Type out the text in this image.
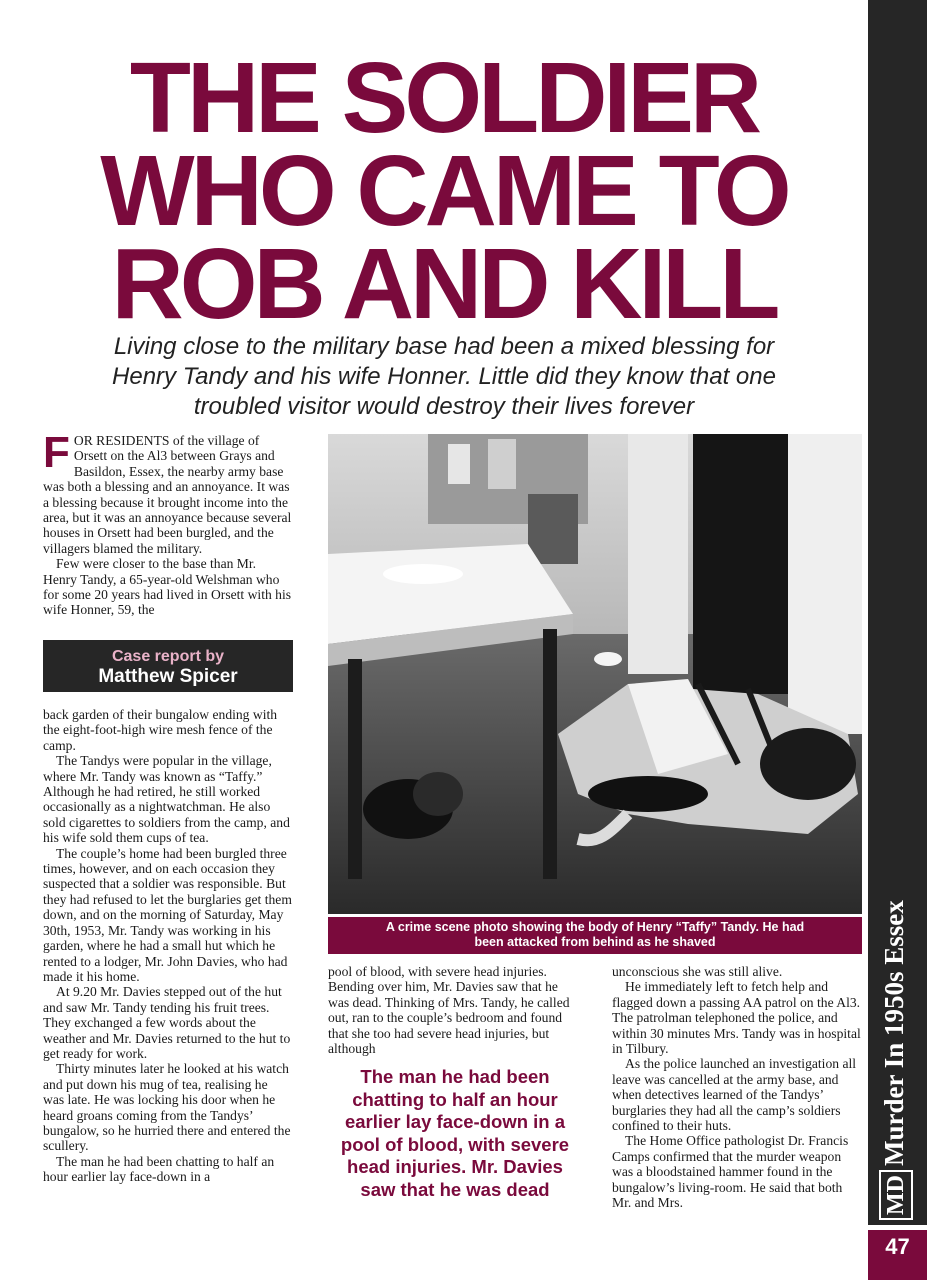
MDMurder In 1950s Essex
47
THE SOLDIER
WHO CAME TO
ROB AND KILL
Living close to the military base had been a mixed blessing for
Henry Tandy and his wife Honner. Little did they know that one
troubled visitor would destroy their lives forever

FOR RESIDENTS of the village of Orsett on the Al3 between Grays and Basildon, Essex, the nearby army base was both a blessing and an annoyance. It was a blessing because it brought income into the area, but it was an annoyance because several houses in Orsett had been burgled, and the villagers blamed the military.

Few were closer to the base than Mr. Henry Tandy, a 65-year-old Welshman who for some 20 years had lived in Orsett with his wife Honner, 59, the

Case report by
Matthew Spicer

back garden of their bungalow ending with the eight-foot-high wire mesh fence of the camp.

The Tandys were popular in the village, where Mr. Tandy was known as “Taffy.” Although he had retired, he still worked occasionally as a nightwatchman. He also sold cigarettes to soldiers from the camp, and his wife sold them cups of tea.

The couple’s home had been burgled three times, however, and on each occasion they suspected that a soldier was responsible. But they had refused to let the burglaries get them down, and on the morning of Saturday, May 30th, 1953, Mr. Tandy was working in his garden, where he had a small hut which he rented to a lodger, Mr. John Davies, who had made it his home.

At 9.20 Mr. Davies stepped out of the hut and saw Mr. Tandy tending his fruit trees. They exchanged a few words about the weather and Mr. Davies returned to the hut to get ready for work.

Thirty minutes later he looked at his watch and put down his mug of tea, realising he was late. He was locking his door when he heard groans coming from the Tandys’ bungalow, so he hurried there and entered the scullery.

The man he had been chatting to half an hour earlier lay face-down in a

A crime scene photo showing the body of Henry “Taffy” Tandy. He had
been attacked from behind as he shaved

pool of blood, with severe head injuries. Bending over him, Mr. Davies saw that he was dead. Thinking of Mrs. Tandy, he called out, ran to the couple’s bedroom and found that she too had severe head injuries, but although

The man he had been chatting to half an hour earlier lay face-down in a pool of blood, with severe head injuries. Mr. Davies saw that he was dead

unconscious she was still alive.

He immediately left to fetch help and flagged down a passing AA patrol on the Al3. The patrolman telephoned the police, and within 30 minutes Mrs. Tandy was in hospital in Tilbury.

As the police launched an investigation all leave was cancelled at the army base, and when detectives learned of the Tandys’ burglaries they had all the camp’s soldiers confined to their huts.

The Home Office pathologist Dr. Francis Camps confirmed that the murder weapon was a bloodstained hammer found in the bungalow’s living-room. He said that both Mr. and Mrs.
